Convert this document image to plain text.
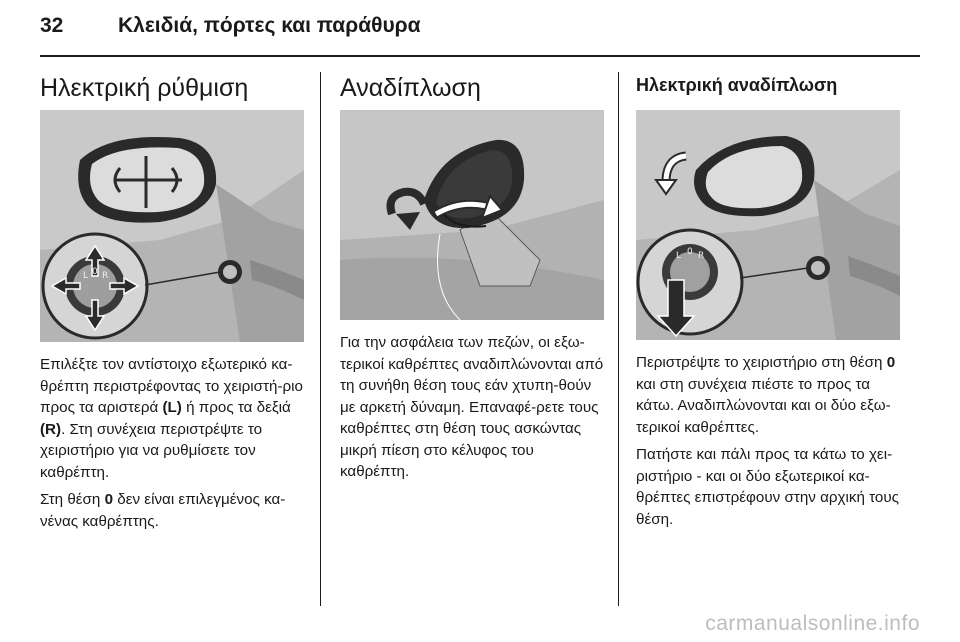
32	Κλειδιά, πόρτες και παράθυρα
Ηλεκτρική ρύθμιση
L 0 R

Επιλέξτε τον αντίστοιχο εξωτερικό κα-θρέπτη περιστρέφοντας το χειριστή-ριο προς τα αριστερά (L) ή προς τα δεξιά (R). Στη συνέχεια περιστρέψτε το χειριστήριο για να ρυθμίσετε τον καθρέπτη.

Στη θέση 0 δεν είναι επιλεγμένος κα-νένας καθρέπτης.

Αναδίπλωση

Για την ασφάλεια των πεζών, οι εξω-τερικοί καθρέπτες αναδιπλώνονται από τη συνήθη θέση τους εάν χτυπη-θούν με αρκετή δύναμη. Επαναφέ-ρετε τους καθρέπτες στη θέση τους ασκώντας μικρή πίεση στο κέλυφος του καθρέπτη.

Ηλεκτρική αναδίπλωση
L 0 R

Περιστρέψτε το χειριστήριο στη θέση 0 και στη συνέχεια πιέστε το προς τα κάτω. Αναδιπλώνονται και οι δύο εξω-τερικοί καθρέπτες.

Πατήστε και πάλι προς τα κάτω το χει-ριστήριο - και οι δύο εξωτερικοί κα-θρέπτες επιστρέφουν στην αρχική τους θέση.

carmanualsonline.info
